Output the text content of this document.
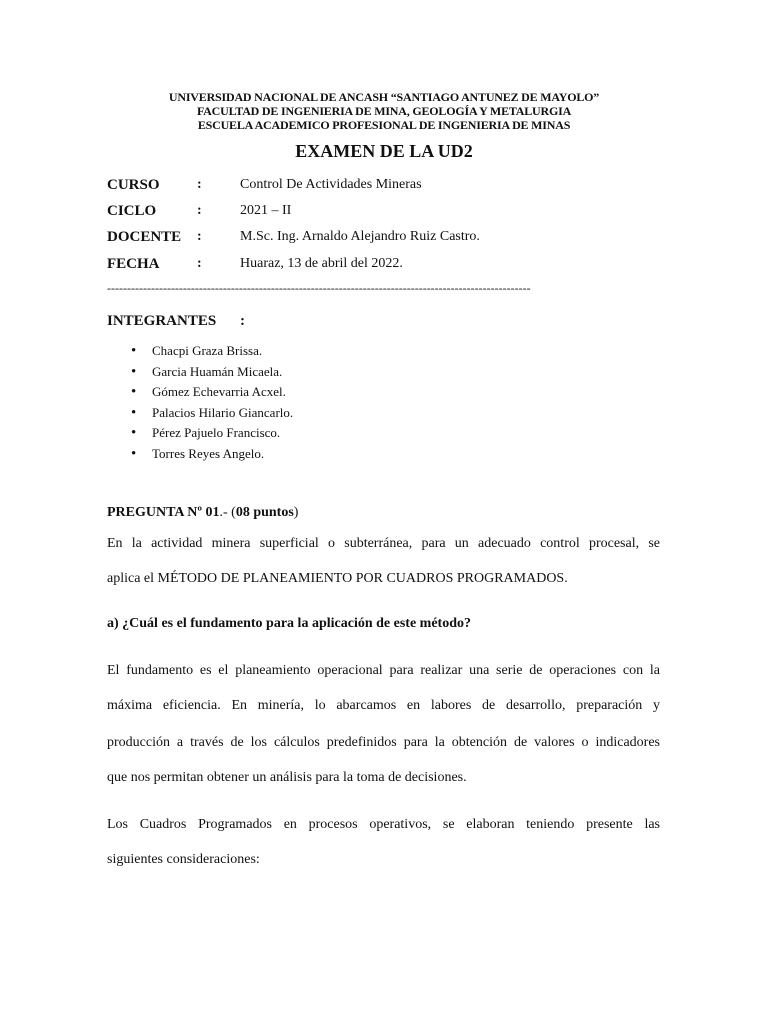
UNIVERSIDAD NACIONAL DE ANCASH “SANTIAGO ANTUNEZ DE MAYOLO”
FACULTAD DE INGENIERIA DE MINA, GEOLOGÍA Y METALURGIA
ESCUELA ACADEMICO PROFESIONAL DE INGENIERIA DE MINAS
EXAMEN DE LA UD2
CURSO	:	Control De Actividades Mineras
CICLO	:	2021 – II
DOCENTE :	M.Sc. Ing. Arnaldo Alejandro Ruiz Castro.
FECHA	:	Huaraz, 13 de abril del 2022.
----------------------------------------------------------------------------------------------------------
INTEGRANTES :
• Chacpi Graza Brissa.
• Garcia Huamán Micaela.
• Gómez Echevarria Acxel.
• Palacios Hilario Giancarlo.
• Pérez Pajuelo Francisco.
• Torres Reyes Angelo.
PREGUNTA Nº 01.- (08 puntos)
En la actividad minera superficial o subterránea, para un adecuado control procesal, se
aplica el MÉTODO DE PLANEAMIENTO POR CUADROS PROGRAMADOS.
a) ¿Cuál es el fundamento para la aplicación de este método?
El fundamento es el planeamiento operacional para realizar una serie de operaciones con la
máxima eficiencia. En minería, lo abarcamos en labores de desarrollo, preparación y
producción a través de los cálculos predefinidos para la obtención de valores o indicadores
que nos permitan obtener un análisis para la toma de decisiones.
Los Cuadros Programados en procesos operativos, se elaboran teniendo presente las
siguientes consideraciones:
